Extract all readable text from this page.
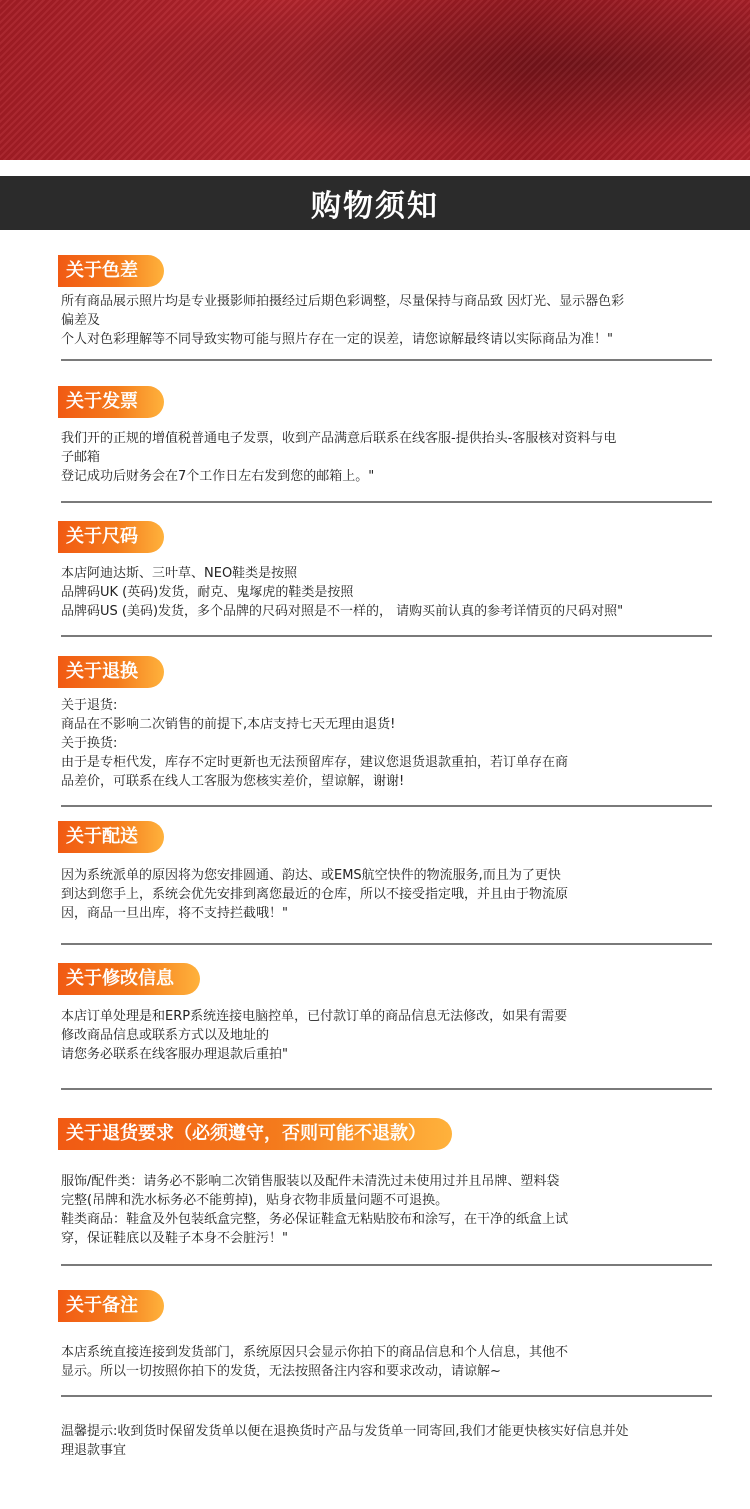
购物须知
关于色差
所有商品展示照片均是专业摄影师拍摄经过后期色彩调整，尽量保持与商品致 因灯光、显示器色彩
偏差及
个人对色彩理解等不同导致实物可能与照片存在一定的误差，请您谅解最终请以实际商品为准！"
关于发票
我们开的正规的增值税普通电子发票，收到产品满意后联系在线客服-提供抬头-客服核对资料与电
子邮箱
登记成功后财务会在7个工作日左右发到您的邮箱上。"
关于尺码
本店阿迪达斯、三叶草、NEO鞋类是按照
品牌码UK (英码)发货，耐克、鬼塚虎的鞋类是按照
品牌码US (美码)发货，多个品牌的尺码对照是不一样的， 请购买前认真的参考详情页的尺码对照"
关于退换
关于退货:
商品在不影响二次销售的前提下,本店支持七天无理由退货!
关于换货:
由于是专柜代发，库存不定时更新也无法预留库存，建议您退货退款重拍，若订单存在商
品差价，可联系在线人工客服为您核实差价，望谅解，谢谢!
关于配送
因为系统派单的原因将为您安排圆通、韵达、或EMS航空快件的物流服务,而且为了更快
到达到您手上，系统会优先安排到离您最近的仓库，所以不接受指定哦，并且由于物流原
因，商品一旦出库，将不支持拦截哦！"
关于修改信息
本店订单处理是和ERP系统连接电脑控单，已付款订单的商品信息无法修改，如果有需要
修改商品信息或联系方式以及地址的
请您务必联系在线客服办理退款后重拍"
关于退货要求（必须遵守，否则可能不退款）
服饰/配件类：请务必不影响二次销售服装以及配件未清洗过未使用过并且吊牌、塑料袋
完整(吊牌和洗水标务必不能剪掉)，贴身衣物非质量问题不可退换。
鞋类商品：鞋盒及外包装纸盒完整，务必保证鞋盒无粘贴胶布和涂写，在干净的纸盒上试
穿，保证鞋底以及鞋子本身不会脏污！"
关于备注
本店系统直接连接到发货部门，系统原因只会显示你拍下的商品信息和个人信息，其他不
显示。所以一切按照你拍下的发货，无法按照备注内容和要求改动，请谅解~
温馨提示:收到货时保留发货单以便在退换货时产品与发货单一同寄回,我们才能更快核实好信息并处
理退款事宜
